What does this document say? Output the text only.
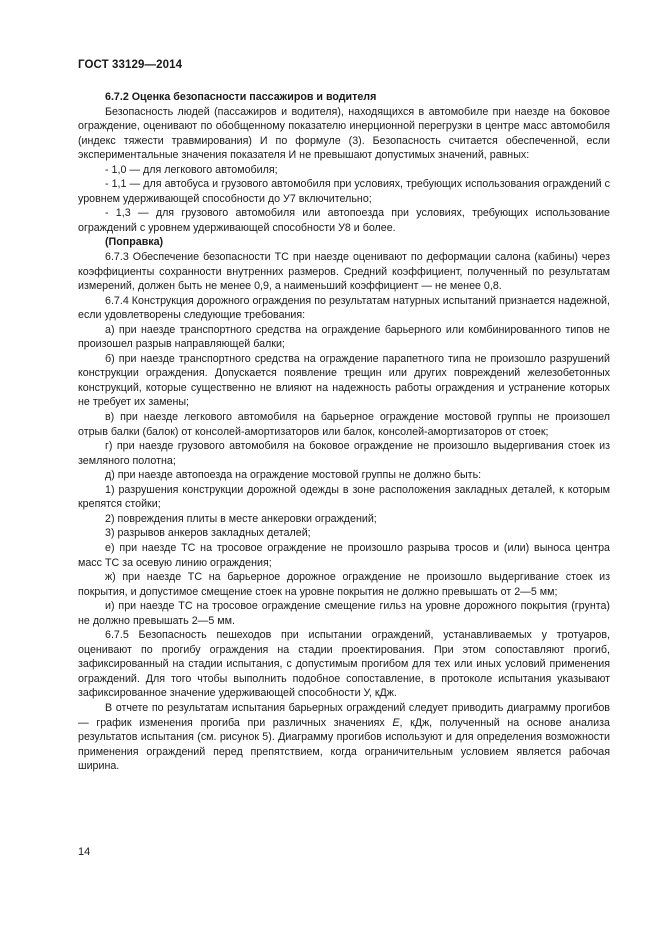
ГОСТ 33129—2014

6.7.2 Оценка безопасности пассажиров и водителя

Безопасность людей (пассажиров и водителя), находящихся в автомобиле при наезде на боковое ограждение, оценивают по обобщенному показателю инерционной перегрузки в центре масс автомобиля (индекс тяжести травмирования) И по формуле (3). Безопасность считается обеспеченной, если экспериментальные значения показателя И не превышают допустимых значений, равных:

- 1,0 — для легкового автомобиля;

- 1,1 — для автобуса и грузового автомобиля при условиях, требующих использования ограждений с уровнем удерживающей способности до У7 включительно;

- 1,3 — для грузового автомобиля или автопоезда при условиях, требующих использование ограждений с уровнем удерживающей способности У8 и более.

(Поправка)

6.7.3 Обеспечение безопасности ТС при наезде оценивают по деформации салона (кабины) через коэффициенты сохранности внутренних размеров. Средний коэффициент, полученный по результатам измерений, должен быть не менее 0,9, а наименьший коэффициент — не менее 0,8.

6.7.4 Конструкция дорожного ограждения по результатам натурных испытаний признается надежной, если удовлетворены следующие требования:

а) при наезде транспортного средства на ограждение барьерного или комбинированного типов не произошел разрыв направляющей балки;

б) при наезде транспортного средства на ограждение парапетного типа не произошло разрушений конструкции ограждения. Допускается появление трещин или других повреждений железобетонных конструкций, которые существенно не влияют на надежность работы ограждения и устранение которых не требует их замены;

в) при наезде легкового автомобиля на барьерное ограждение мостовой группы не произошел отрыв балки (балок) от консолей-амортизаторов или балок, консолей-амортизаторов от стоек;

г) при наезде грузового автомобиля на боковое ограждение не произошло выдергивания стоек из земляного полотна;

д) при наезде автопоезда на ограждение мостовой группы не должно быть:

1) разрушения конструкции дорожной одежды в зоне расположения закладных деталей, к которым крепятся стойки;

2) повреждения плиты в месте анкеровки ограждений;

3) разрывов анкеров закладных деталей;

е) при наезде ТС на тросовое ограждение не произошло разрыва тросов и (или) выноса центра масс ТС за осевую линию ограждения;

ж) при наезде ТС на барьерное дорожное ограждение не произошло выдергивание стоек из покрытия, и допустимое смещение стоек на уровне покрытия не должно превышать от 2—5 мм;

и) при наезде ТС на тросовое ограждение смещение гильз на уровне дорожного покрытия (грунта) не должно превышать 2—5 мм.

6.7.5 Безопасность пешеходов при испытании ограждений, устанавливаемых у тротуаров, оценивают по прогибу ограждения на стадии проектирования. При этом сопоставляют прогиб, зафиксированный на стадии испытания, с допустимым прогибом для тех или иных условий применения ограждений. Для того чтобы выполнить подобное сопоставление, в протоколе испытания указывают зафиксированное значение удерживающей способности У, кДж.

В отчете по результатам испытания барьерных ограждений следует приводить диаграмму прогибов — график изменения прогиба при различных значениях Е, кДж, полученный на основе анализа результатов испытания (см. рисунок 5). Диаграмму прогибов используют и для определения возможности применения ограждений перед препятствием, когда ограничительным условием является рабочая ширина.

14
